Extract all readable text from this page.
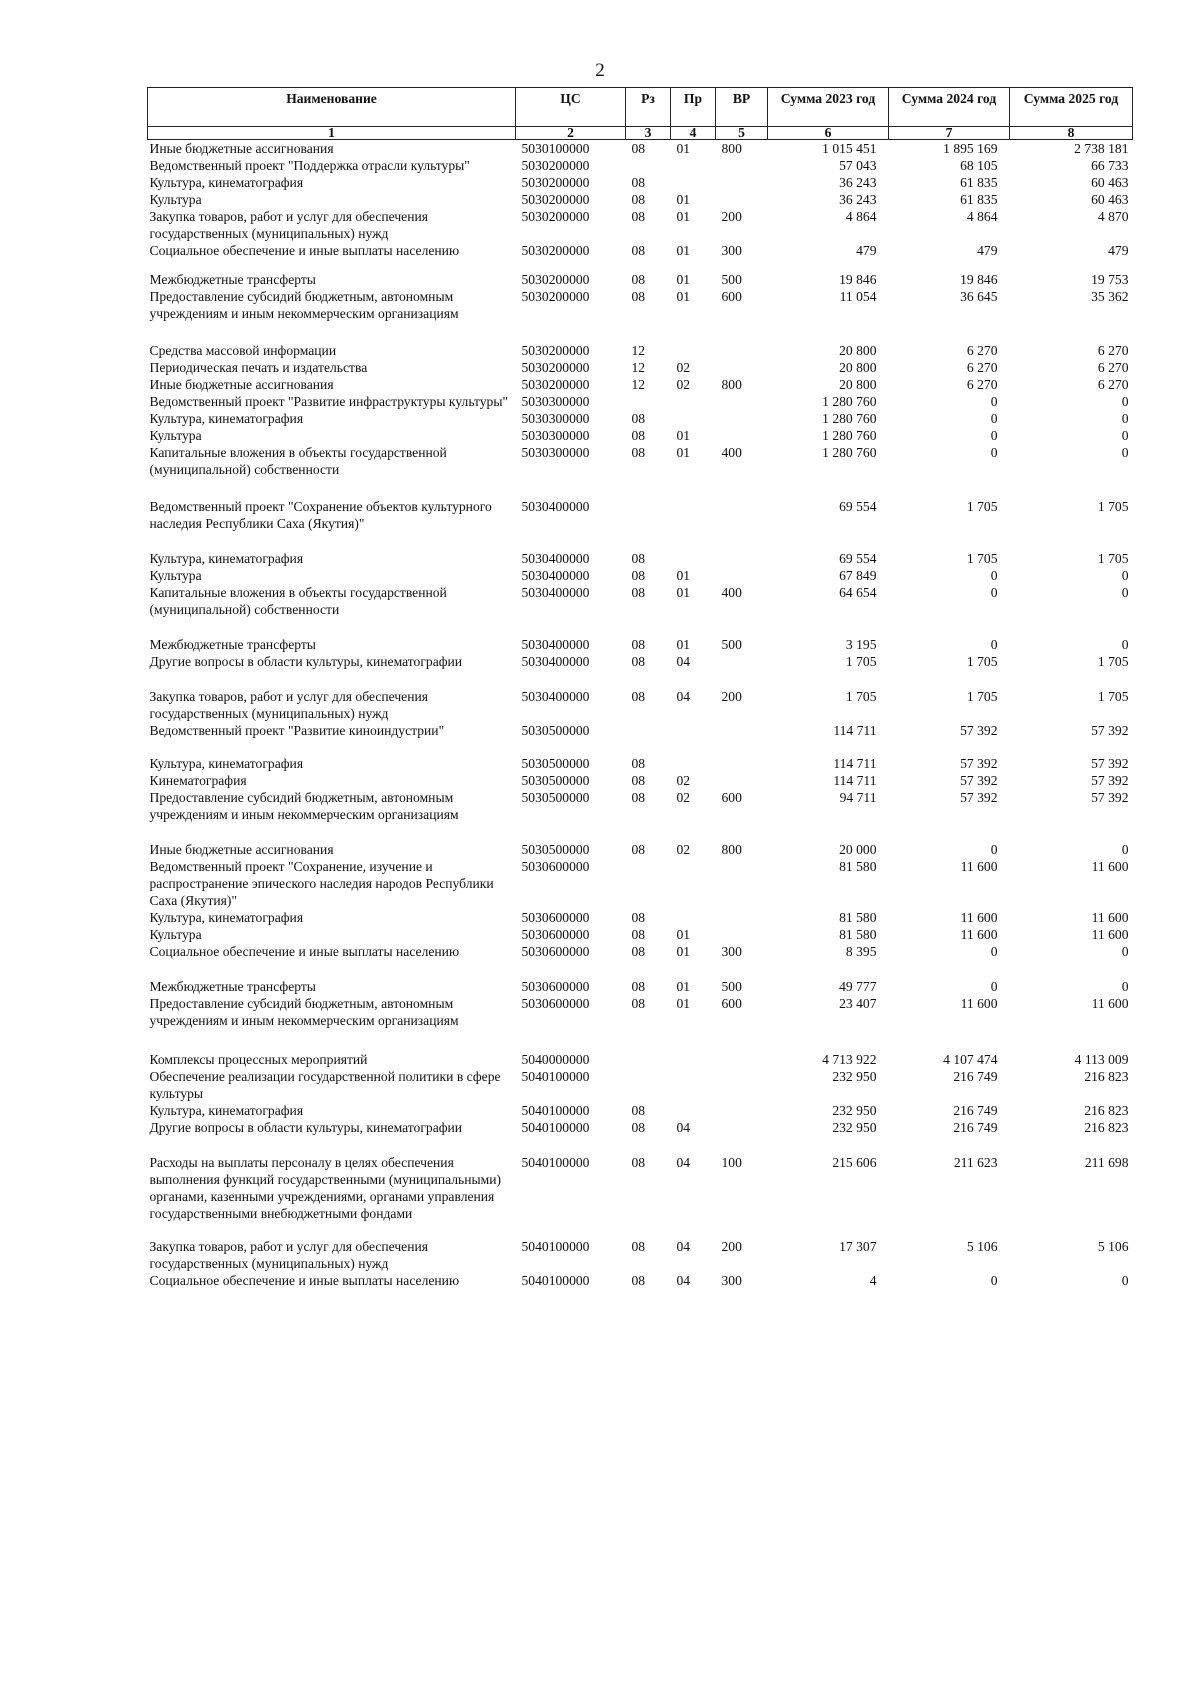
2
Наименование	ЦС	Рз	Пр	ВР	Сумма 2023 год	Сумма 2024 год	Сумма 2025 год
1	2	3	4	5	6	7	8
Иные бюджетные ассигнования	5030100000	08	01	800	1 015 451	1 895 169	2 738 181
Ведомственный проект "Поддержка отрасли культуры"	5030200000				57 043	68 105	66 733
Культура, кинематография	5030200000	08			36 243	61 835	60 463
Культура	5030200000	08	01		36 243	61 835	60 463
Закупка товаров, работ и услуг для обеспечения государственных (муниципальных) нужд	5030200000	08	01	200	4 864	4 864	4 870
Социальное обеспечение и иные выплаты населению	5030200000	08	01	300	479	479	479

Межбюджетные трансферты	5030200000	08	01	500	19 846	19 846	19 753
Предоставление субсидий бюджетным, автономным учреждениям и иным некоммерческим организациям	5030200000	08	01	600	11 054	36 645	35 362

Средства массовой информации	5030200000	12			20 800	6 270	6 270
Периодическая печать и издательства	5030200000	12	02		20 800	6 270	6 270
Иные бюджетные ассигнования	5030200000	12	02	800	20 800	6 270	6 270
Ведомственный проект "Развитие инфраструктуры культуры"	5030300000				1 280 760	0	0
Культура, кинематография	5030300000	08			1 280 760	0	0
Культура	5030300000	08	01		1 280 760	0	0
Капитальные вложения в объекты государственной (муниципальной) собственности	5030300000	08	01	400	1 280 760	0	0

Ведомственный проект "Сохранение объектов культурного наследия Республики Саха (Якутия)"	5030400000				69 554	1 705	1 705

Культура, кинематография	5030400000	08			69 554	1 705	1 705
Культура	5030400000	08	01		67 849	0	0
Капитальные вложения в объекты государственной (муниципальной) собственности	5030400000	08	01	400	64 654	0	0

Межбюджетные трансферты	5030400000	08	01	500	3 195	0	0
Другие вопросы в области культуры, кинематографии	5030400000	08	04		1 705	1 705	1 705

Закупка товаров, работ и услуг для обеспечения государственных (муниципальных) нужд	5030400000	08	04	200	1 705	1 705	1 705
Ведомственный проект "Развитие киноиндустрии"	5030500000				114 711	57 392	57 392

Культура, кинематография	5030500000	08			114 711	57 392	57 392
Кинематография	5030500000	08	02		114 711	57 392	57 392
Предоставление субсидий бюджетным, автономным учреждениям и иным некоммерческим организациям	5030500000	08	02	600	94 711	57 392	57 392

Иные бюджетные ассигнования	5030500000	08	02	800	20 000	0	0
Ведомственный проект "Сохранение, изучение и распространение эпического наследия народов Республики Саха (Якутия)"	5030600000				81 580	11 600	11 600
Культура, кинематография	5030600000	08			81 580	11 600	11 600
Культура	5030600000	08	01		81 580	11 600	11 600
Социальное обеспечение и иные выплаты населению	5030600000	08	01	300	8 395	0	0

Межбюджетные трансферты	5030600000	08	01	500	49 777	0	0
Предоставление субсидий бюджетным, автономным учреждениям и иным некоммерческим организациям	5030600000	08	01	600	23 407	11 600	11 600

Комплексы процессных мероприятий	5040000000				4 713 922	4 107 474	4 113 009
Обеспечение реализации государственной политики в сфере культуры	5040100000				232 950	216 749	216 823
Культура, кинематография	5040100000	08			232 950	216 749	216 823
Другие вопросы в области культуры, кинематографии	5040100000	08	04		232 950	216 749	216 823

Расходы на выплаты персоналу в целях обеспечения выполнения функций государственными (муниципальными) органами, казенными учреждениями, органами управления государственными внебюджетными фондами	5040100000	08	04	100	215 606	211 623	211 698

Закупка товаров, работ и услуг для обеспечения государственных (муниципальных) нужд	5040100000	08	04	200	17 307	5 106	5 106
Социальное обеспечение и иные выплаты населению	5040100000	08	04	300	4	0	0
